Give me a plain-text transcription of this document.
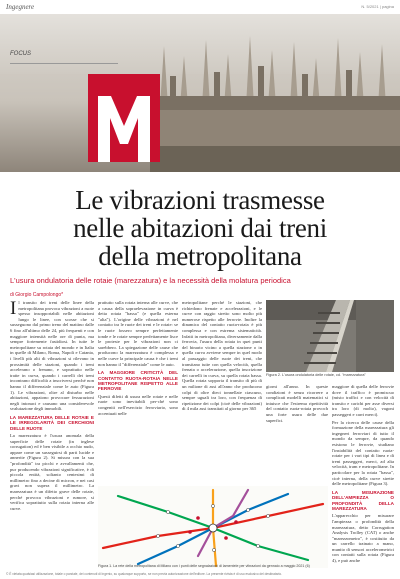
Ingegnere	N. 5/2021 | pagina
FOCUS
Le vibrazioni trasmesse
nelle abitazioni dai treni
della metropolitana
L'usura ondulatoria delle rotaie (marezzatura) e la necessità della molatura periodica
di Giorgio Campolongo*
I l transito dei treni delle linee della metropolitana provoca vibrazioni a ruote spesso insopportabili nelle abitazioni lungo le linee, con scosse che si susseguono dal primo treno del mattino dalle 6 fino all'ultimo delle 24, più frequenti e con maggiore intensità nelle ore di punta, ma sempre fortemente fastidiosi. In tutte le metropolitane su rotaia del mondo e in Italia in quelle di Milano, Roma, Napoli e Catania, i livelli più alti di vibrazioni si rilevano in prossimità delle stazioni, quando i treni accelerano o frenano, e soprattutto nelle tratte in curva, quando i carrelli dei treni incontrano difficoltà a inscriversi perché non hanno il differenziale come le auto (Figura 1). Le vibrazioni, oltre al disturbo nelle abitazioni, appaiono provocare fessurazioni negli intonaci e causano una considerevole svalutazione degli immobili.

LA MAREZZATURA DELLE ROTAIE E LE IRREGOLARITÀ DEI CERCHIONI DELLE RUOTE

La marezzatura è l'usura anomala della superficie delle rotaie (in inglese corrugation) ed è ben visibile a occhio nudo, appare come un susseguirsi di parti lucide e annerite (Figura 2). Si misura con la sua "profondità" tra picchi e avvallamenti che, pur producendo vibrazioni significative, è di piccola entità, soltanto centesimi di millimetro fino a decine di micron, e nei casi gravi non supera il millimetro. La marezzatura è un difetto grave delle rotaie, perché provoca vibrazioni e rumore, si verifica soprattutto sulla rotaia interna alle curve.

prattutto sulla rotaia interna alle curve, che a causa della sopraelevazione in curva è detta rotaia "bassa" (e quella esterna "alta"). L'origine delle vibrazioni è nel contatto tra le ruote dei treni e le rotaie: se le ruote fossero sempre perfettamente tonde e le rotaie sempre perfettamente lisce le proteste per le vibrazioni non ci sarebbero. La spiegazione delle cause che producono la marezzatura è complessa e nelle curve la principale causa è che i treni non hanno il "differenziale" come le auto.

LA MAGGIORE CRITICITÀ DEL CONTATTO RUOTA-ROTAIA NELLE METROPOLITANE RISPETTO ALLE FERROVIE

Questi difetti di usura nelle rotaie e nelle ruote sono inevitabili per-ché sono congeniti nell'esercizio ferroviario, sono accentuati nelle

metropolitane perché le stazioni, che richiedono frenate e accelerazioni, e le curve con raggio stretto sono molto più numerose rispetto alle ferrovie. Inoltre la dinamica del contatto ruota-rotaia è più complessa e con estrema sistematicità. Infatti in metropolitana, diversamente dalla ferrovia, l'usura della rotaia in quei punti del binario vicino a quella stazione o in quella curva avviene sempre in quel modo al passaggio delle ruote dei treni, che transitano tutte con quella velocità, quella frenata o accelerazione, quella inscrizione dei carrelli in curva, su quella rotaia bassa. Quella rotaia sopporta il transito di più di un milione di assi all'anno che producono colpi di oltre dieci tonnellate ciascuno, sempre uguali tra loro, con frequenza di ripetizione dei colpi (cioè delle vibrazioni) di 4 mila assi transitati al giorno per 365

Figura 2. L'usura ondulatoria delle rotaie, cd. "marezzatura"

giorni all'anno. In queste condizioni è senza ricorrere a complicati modelli matematici si intuisce che l'estrema ripetitività del contatto ruota-rotaia provoch una forte usura delle due superfici.

maggiore di quella delle ferrovie dove il traffico è promiscuo (misto traffici e con velocità di transito e carichi per asse diversi tra loro (di molto), vagoni passeggeri e carri merci).

Per la ricerca delle cause della formazione della marezzatura gli ingegneri ferroviari di tutto il mondo da sempre, da quando esistono le ferrovie, studiano l'instabilità del contatto ruota-rotaie per i vari tipi di linea e di treni passeggeri, merci, ad alta velocità, tram e metropolitane. In particolare per la rotaia "bassa", cioè interna, della curve strette delle metropolitane (Figura 3).

LA MISURAZIONE DELL'AMPIEZZA O PROFONDITÀ DELLA MAREZZATURA

L'apparecchio per misurare l'ampiezza o profondità della marezzatura, detto Corrugation Analysis Trolley (CAT) o anche "marezzometro", è costituito da un carrello trainato a mano, munito di sensori accelerometrici con contatti sulla rotaia (Figura 4), e può anche

Figura 1. La rete della metropolitana di Milano con i punti delle segnalazioni di lamentele per vibrazioni da gennaio a maggio 2021 (6)
© È vietata qualsiasi utilizzazione, totale o parziale, dei contenuti di Ingenio, su qualunque supporto, se non previa autorizzazione dell'editore. La presente rivista è di uso esclusivo del destinatario.
